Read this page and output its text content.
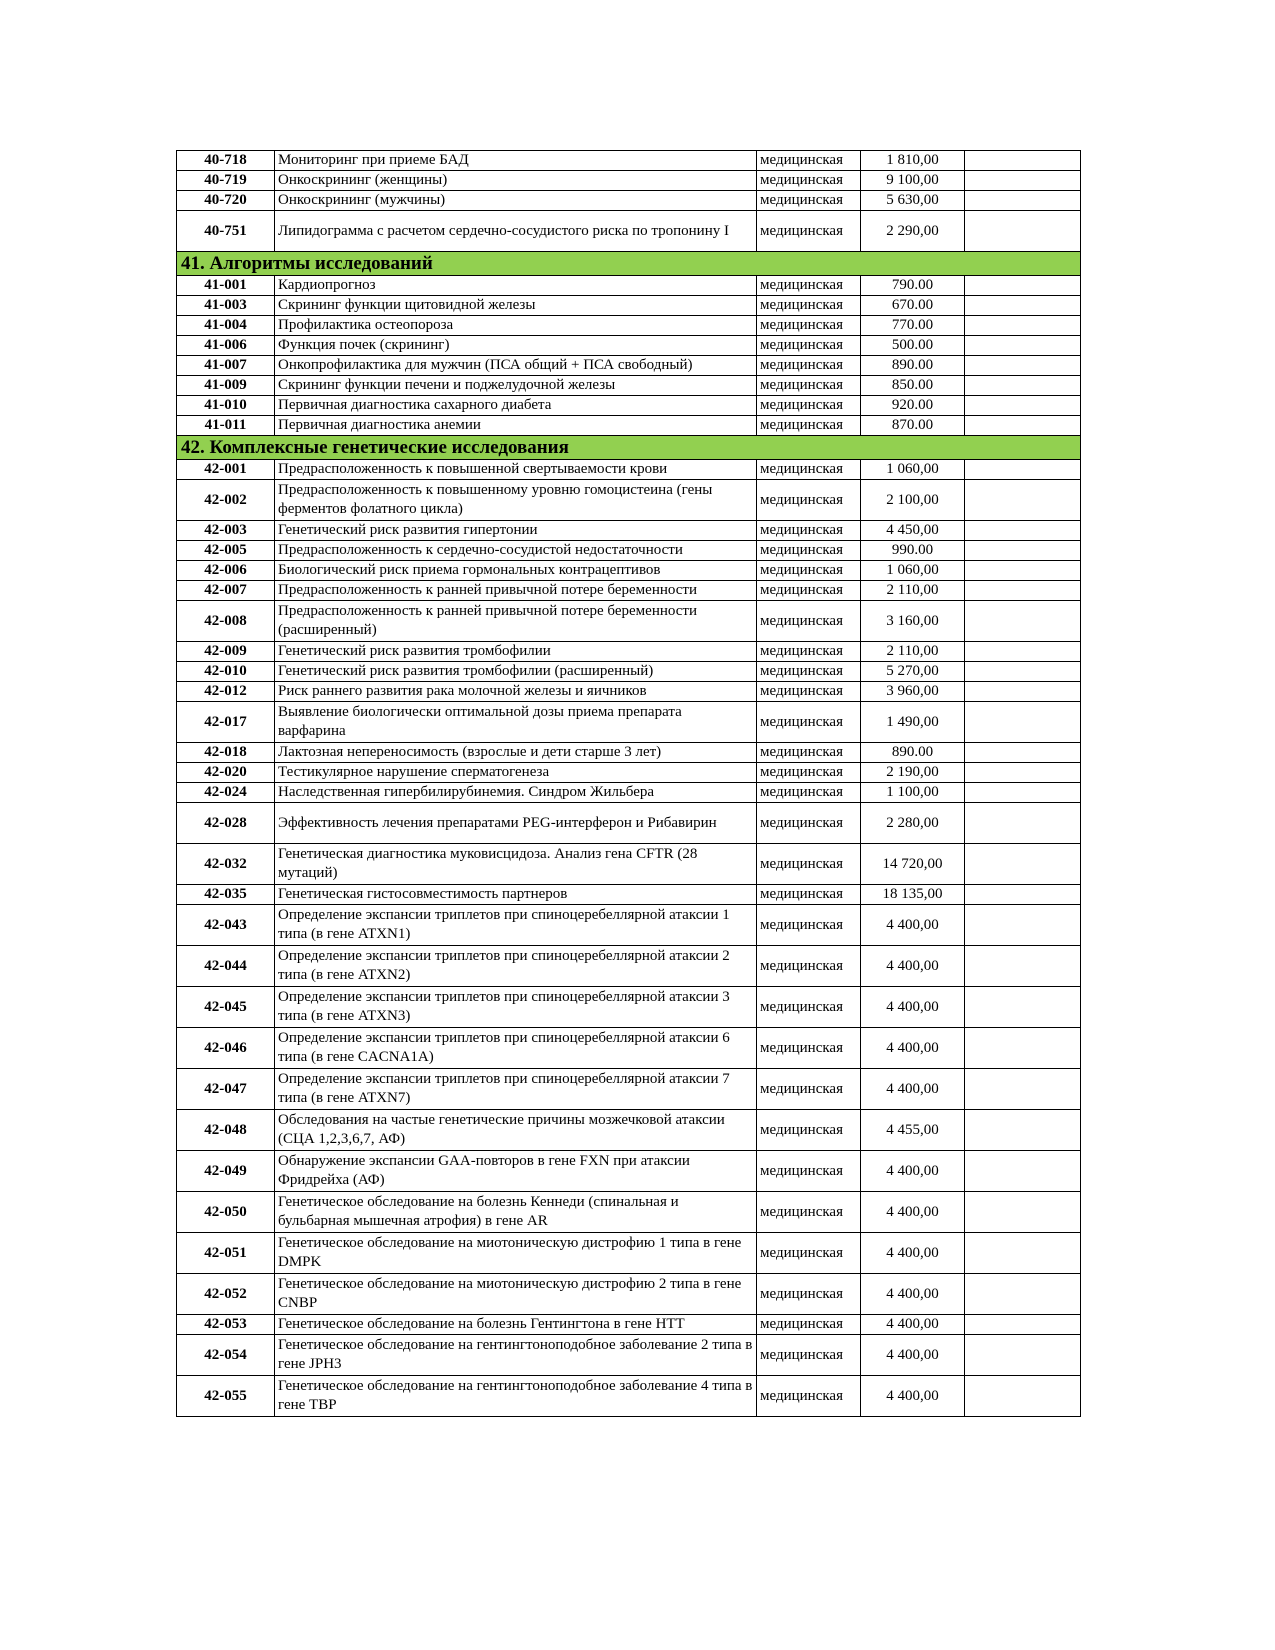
40-718	Мониторинг при приеме БАД	медицинская	1 810,00	
40-719	Онкоскрининг (женщины)	медицинская	9 100,00	
40-720	Онкоскрининг (мужчины)	медицинская	5 630,00	
40-751	Липидограмма с расчетом сердечно-сосудистого риска по тропонину I	медицинская	2 290,00	
41. Алгоритмы исследований				
41-001	Кардиопрогноз	медицинская	790.00	
41-003	Скрининг функции щитовидной железы	медицинская	670.00	
41-004	Профилактика остеопороза	медицинская	770.00	
41-006	Функция почек (скрининг)	медицинская	500.00	
41-007	Онкопрофилактика для мужчин (ПСА общий + ПСА свободный)	медицинская	890.00	
41-009	Скрининг функции печени и поджелудочной железы	медицинская	850.00	
41-010	Первичная диагностика сахарного диабета	медицинская	920.00	
41-011	Первичная диагностика анемии	медицинская	870.00	
42. Комплексные генетические исследования				
42-001	Предрасположенность к повышенной свертываемости крови	медицинская	1 060,00	
42-002	Предрасположенность к повышенному уровню гомоцистеина (гены ферментов фолатного цикла)	медицинская	2 100,00	
42-003	Генетический риск развития гипертонии	медицинская	4 450,00	
42-005	Предрасположенность к сердечно-сосудистой недостаточности	медицинская	990.00	
42-006	Биологический риск приема гормональных контрацептивов	медицинская	1 060,00	
42-007	Предрасположенность к ранней привычной потере беременности	медицинская	2 110,00	
42-008	Предрасположенность к ранней привычной потере беременности (расширенный)	медицинская	3 160,00	
42-009	Генетический риск развития тромбофилии	медицинская	2 110,00	
42-010	Генетический риск развития тромбофилии (расширенный)	медицинская	5 270,00	
42-012	Риск раннего развития рака молочной железы и яичников	медицинская	3 960,00	
42-017	Выявление биологически оптимальной дозы приема препарата варфарина	медицинская	1 490,00	
42-018	Лактозная непереносимость (взрослые и дети старше 3 лет)	медицинская	890.00	
42-020	Тестикулярное нарушение сперматогенеза	медицинская	2 190,00	
42-024	Наследственная гипербилирубинемия. Синдром Жильбера	медицинская	1 100,00	
42-028	Эффективность лечения препаратами PEG-интерферон и Рибавирин	медицинская	2 280,00	
42-032	Генетическая диагностика муковисцидоза. Анализ гена CFTR (28 мутаций)	медицинская	14 720,00	
42-035	Генетическая гистосовместимость партнеров	медицинская	18 135,00	
42-043	Определение экспансии триплетов при спиноцеребеллярной атаксии 1 типа (в гене ATXN1)	медицинская	4 400,00	
42-044	Определение экспансии триплетов при спиноцеребеллярной атаксии 2 типа (в гене ATXN2)	медицинская	4 400,00	
42-045	Определение экспансии триплетов при спиноцеребеллярной атаксии 3 типа (в гене ATXN3)	медицинская	4 400,00	
42-046	Определение экспансии триплетов при спиноцеребеллярной атаксии 6 типа (в гене CACNA1A)	медицинская	4 400,00	
42-047	Определение экспансии триплетов при спиноцеребеллярной атаксии 7 типа (в гене ATXN7)	медицинская	4 400,00	
42-048	Обследования на частые генетические причины мозжечковой атаксии (СЦА 1,2,3,6,7, АФ)	медицинская	4 455,00	
42-049	Обнаружение экспансии GAA-повторов в гене FXN при атаксии Фридрейха (АФ)	медицинская	4 400,00	
42-050	Генетическое обследование на болезнь Кеннеди (спинальная и бульбарная мышечная атрофия) в гене AR	медицинская	4 400,00	
42-051	Генетическое обследование на миотоническую дистрофию 1 типа в гене DMPK	медицинская	4 400,00	
42-052	Генетическое обследование на миотоническую дистрофию 2 типа в гене CNBP	медицинская	4 400,00	
42-053	Генетическое обследование на болезнь Гентингтона в гене HTT	медицинская	4 400,00	
42-054	Генетическое обследование на гентингтоноподобное заболевание 2 типа в гене JPH3	медицинская	4 400,00	
42-055	Генетическое обследование на гентингтоноподобное заболевание 4 типа в гене TBP	медицинская	4 400,00	
